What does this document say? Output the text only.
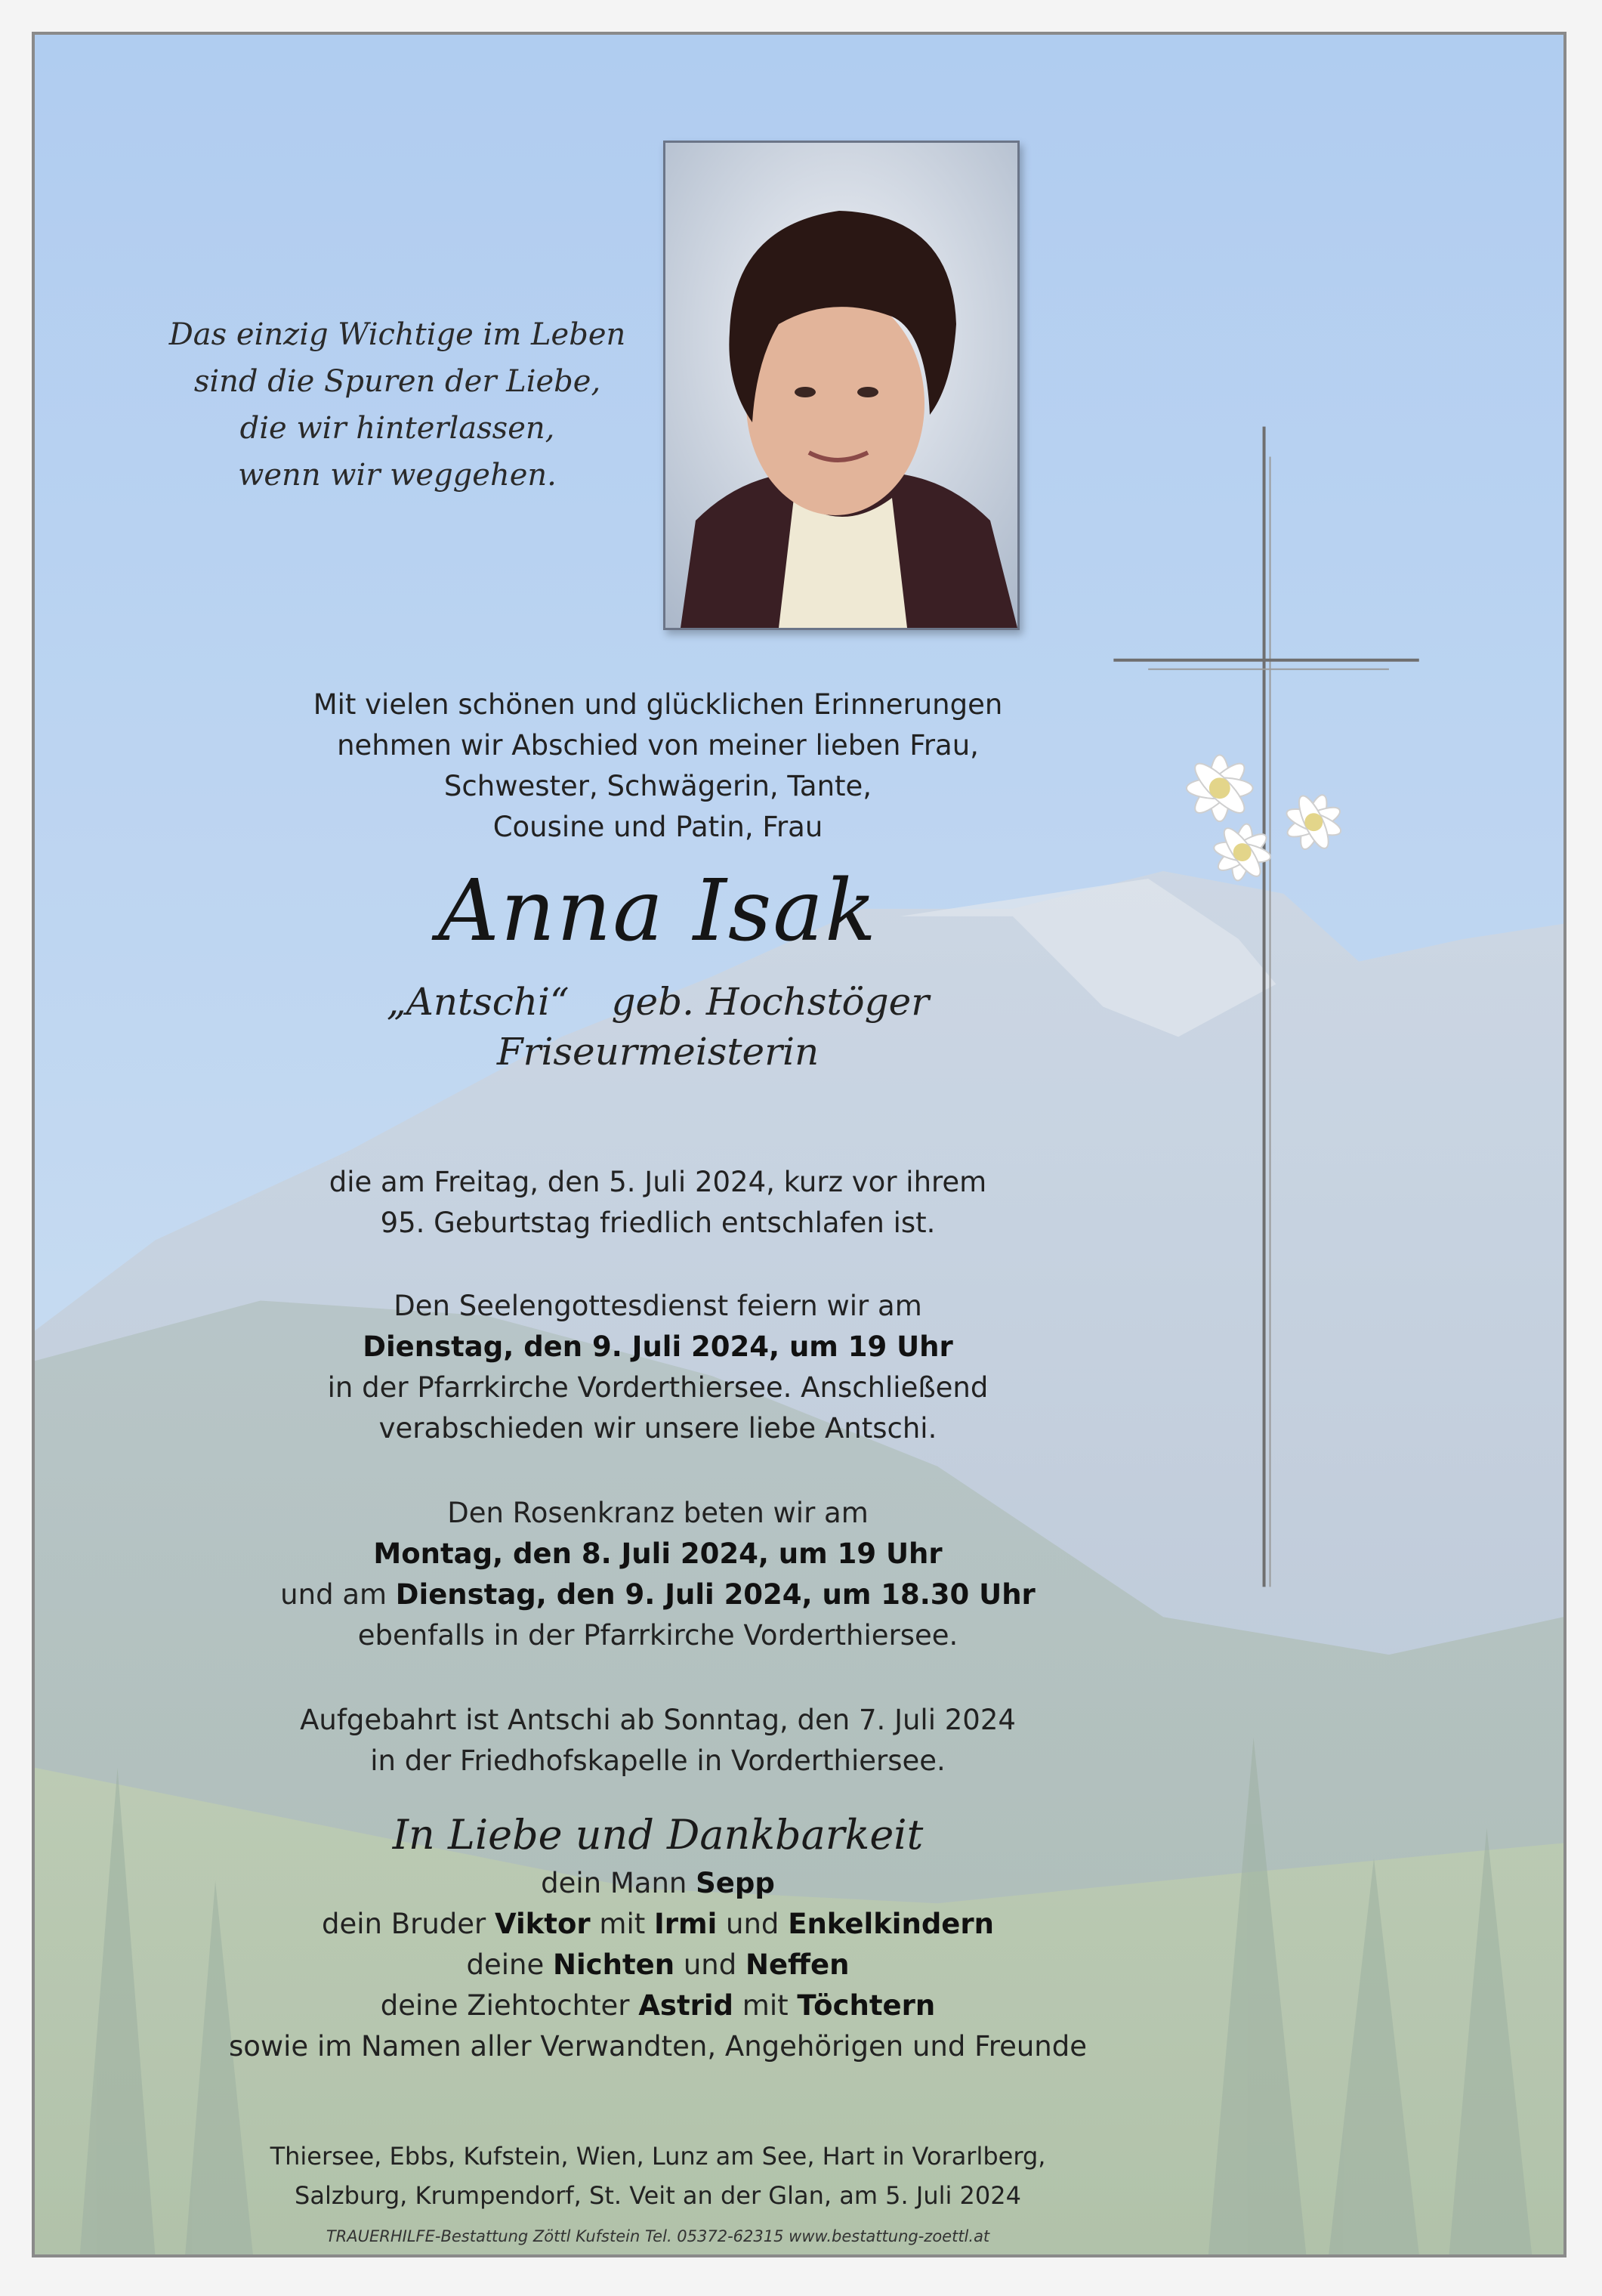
Das einzig Wichtige im Leben
sind die Spuren der Liebe,
die wir hinterlassen,
wenn wir weggehen.
Mit vielen schönen und glücklichen Erinnerungen
nehmen wir Abschied von meiner lieben Frau,
Schwester, Schwägerin, Tante,
Cousine und Patin, Frau
Anna Isak
„Antschi“ geb. Hochstöger
Friseurmeisterin
die am Freitag, den 5. Juli 2024, kurz vor ihrem
95. Geburtstag friedlich entschlafen ist.
Den Seelengottesdienst feiern wir am
Dienstag, den 9. Juli 2024, um 19 Uhr
in der Pfarrkirche Vorderthiersee. Anschließend
verabschieden wir unsere liebe Antschi.
Den Rosenkranz beten wir am
Montag, den 8. Juli 2024, um 19 Uhr
und am Dienstag, den 9. Juli 2024, um 18.30 Uhr
ebenfalls in der Pfarrkirche Vorderthiersee.
Aufgebahrt ist Antschi ab Sonntag, den 7. Juli 2024
in der Friedhofskapelle in Vorderthiersee.
In Liebe und Dankbarkeit
dein Mann Sepp
dein Bruder Viktor mit Irmi und Enkelkindern
deine Nichten und Neffen
deine Ziehtochter Astrid mit Töchtern
sowie im Namen aller Verwandten, Angehörigen und Freunde
Thiersee, Ebbs, Kufstein, Wien, Lunz am See, Hart in Vorarlberg,
Salzburg, Krumpendorf, St. Veit an der Glan, am 5. Juli 2024
TRAUERHILFE-Bestattung Zöttl Kufstein Tel. 05372-62315 www.bestattung-zoettl.at
